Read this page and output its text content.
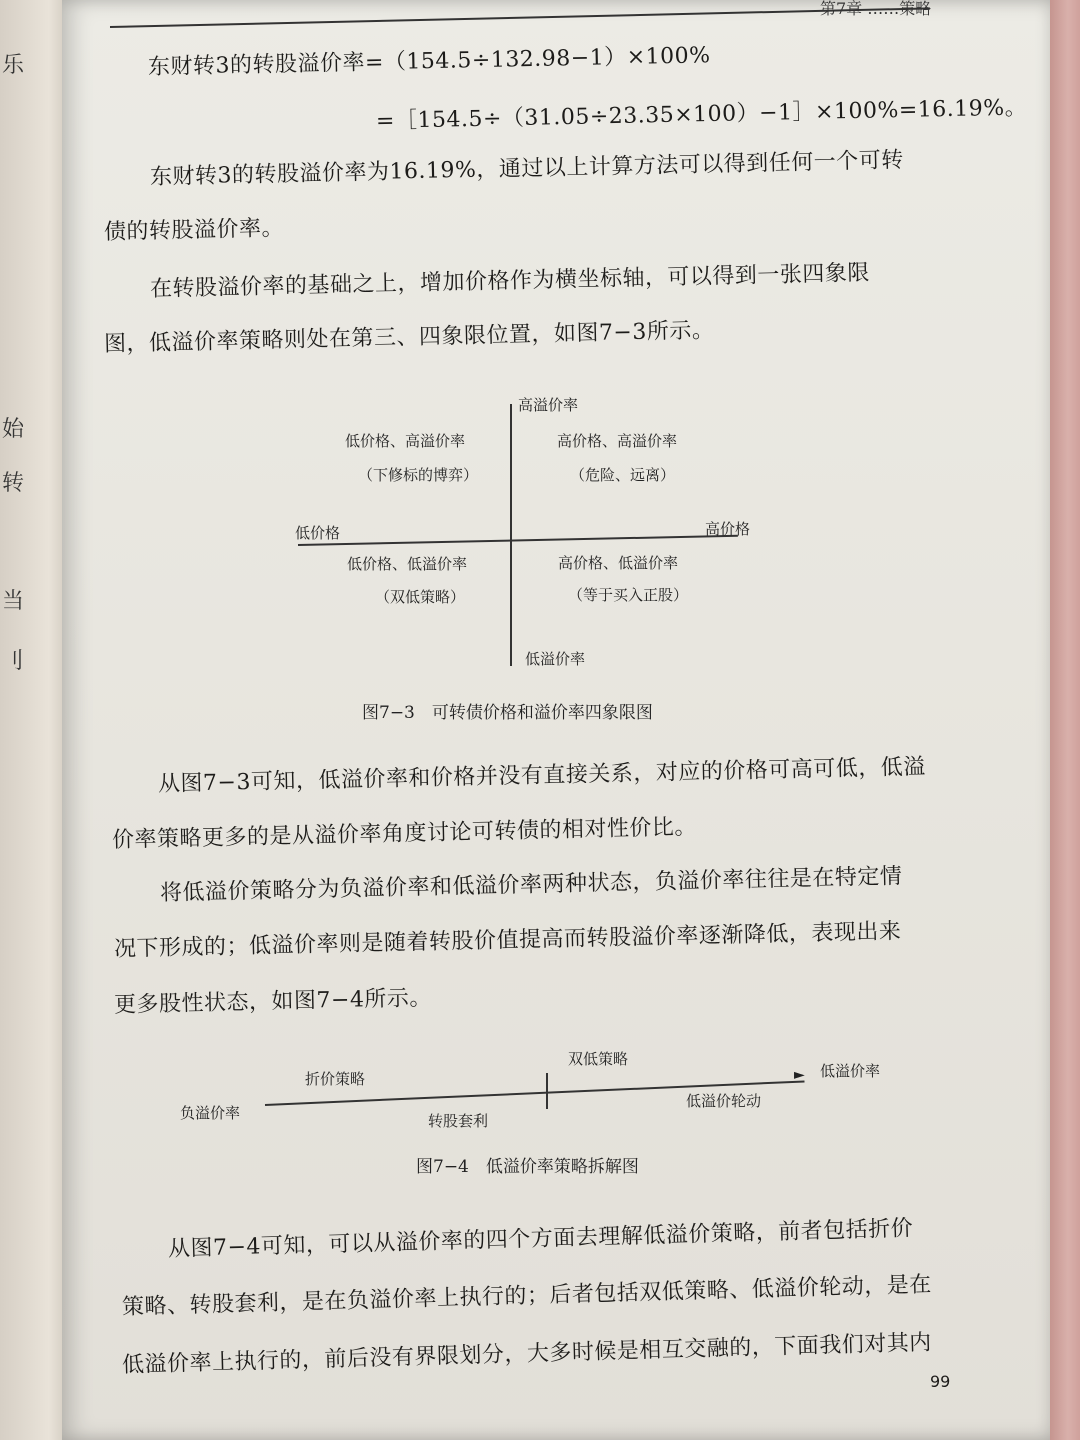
乐
始
转
当
刂
第7章 ……策略
东财转3的转股溢价率=（154.5÷132.98−1）×100%
=［154.5÷（31.05÷23.35×100）−1］×100%=16.19%。
东财转3的转股溢价率为16.19%，通过以上计算方法可以得到任何一个可转
债的转股溢价率。
在转股溢价率的基础之上，增加价格作为横坐标轴，可以得到一张四象限
图，低溢价率策略则处在第三、四象限位置，如图7−3所示。
高溢价率
低溢价率
低价格	高价格
低价格、高溢价率
（下修标的博弈）
高价格、高溢价率
（危险、远离）
低价格、低溢价率
（双低策略）
高价格、低溢价率
（等于买入正股）
图7−3　可转债价格和溢价率四象限图
从图7−3可知，低溢价率和价格并没有直接关系，对应的价格可高可低，低溢
价率策略更多的是从溢价率角度讨论可转债的相对性价比。
将低溢价策略分为负溢价率和低溢价率两种状态，负溢价率往往是在特定情
况下形成的；低溢价率则是随着转股价值提高而转股溢价率逐渐降低，表现出来
更多股性状态，如图7−4所示。
►
负溢价率
低溢价率
折价策略
转股套利
双低策略
低溢价轮动
图7−4　低溢价率策略拆解图
从图7−4可知，可以从溢价率的四个方面去理解低溢价策略，前者包括折价
策略、转股套利，是在负溢价率上执行的；后者包括双低策略、低溢价轮动，是在
低溢价率上执行的，前后没有界限划分，大多时候是相互交融的，下面我们对其内
99
